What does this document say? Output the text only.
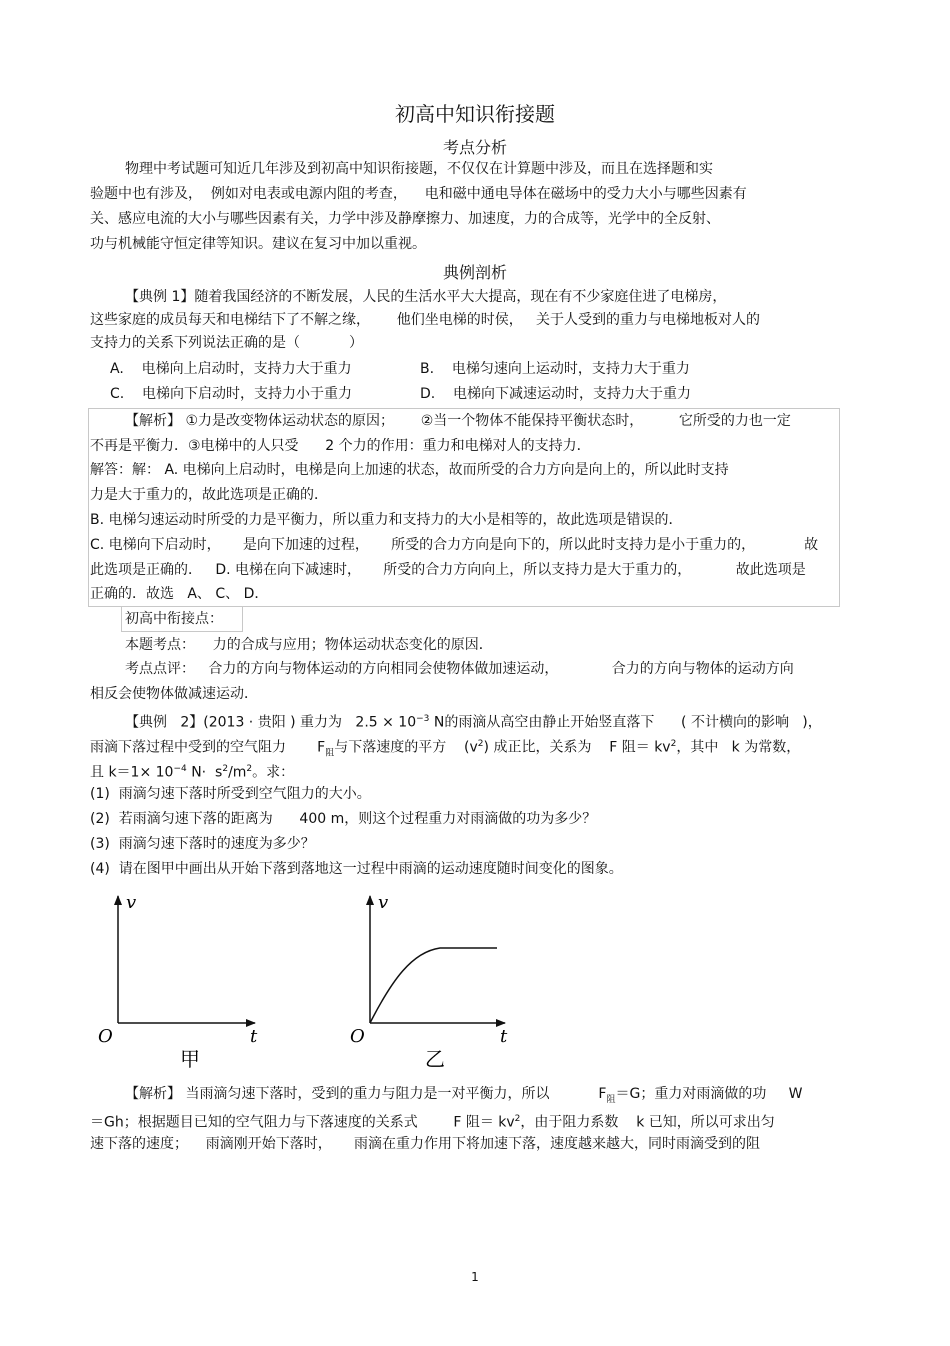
初高中知识衔接题
考点分析
物理中考试题可知近几年涉及到初高中知识衔接题，不仅仅在计算题中涉及，而且在选择题和实
验题中也有涉及，  例如对电表或电源内阻的考查，    电和磁中通电导体在磁场中的受力大小与哪些因素有
关、感应电流的大小与哪些因素有关，力学中涉及静摩擦力、加速度，力的合成等，光学中的全反射、
功与机械能守恒定律等知识。建议在复习中加以重视。
典例剖析
【典例 1】随着我国经济的不断发展，人民的生活水平大大提高，现在有不少家庭住进了电梯房，
这些家庭的成员每天和电梯结下了不解之缘，      他们坐电梯的时侯，   关于人受到的重力与电梯地板对人的
支持力的关系下列说法正确的是（           ）
A.    电梯向上启动时，支持力大于重力	B.    电梯匀速向上运动时，支持力大于重力
C.    电梯向下启动时，支持力小于重力	D.    电梯向下减速运动时，支持力大于重力
【解析】 ①力是改变物体运动状态的原因；      ②当一个物体不能保持平衡状态时，        它所受的力也一定
不再是平衡力．③电梯中的人只受      2 个力的作用：重力和电梯对人的支持力．
解答：解： A. 电梯向上启动时，电梯是向上加速的状态，故而所受的合力方向是向上的，所以此时支持
力是大于重力的，故此选项是正确的．
B. 电梯匀速运动时所受的力是平衡力，所以重力和支持力的大小是相等的，故此选项是错误的．
C. 电梯向下启动时，     是向下加速的过程，     所受的合力方向是向下的，所以此时支持力是小于重力的，           故
此选项是正确的．   D. 电梯在向下减速时，     所受的合力方向向上，所以支持力是大于重力的，          故此选项是
正确的．故选   A、 C、 D．
初高中衔接点：
本题考点：    力的合成与应用；物体运动状态变化的原因．
考点点评：   合力的方向与物体运动的方向相同会使物体做加速运动，            合力的方向与物体的运动方向
相反会使物体做减速运动．
【典例   2】(2013 · 贵阳 ) 重力为   $2.5 \times 10^{-3}$ N的雨滴从高空由静止开始竖直落下      ( 不计横向的影响   )，
雨滴下落过程中受到的空气阻力       $F_阻$与下落速度的平方    $(v^2)$ 成正比，关系为    F 阻＝ $kv^2$，其中   k 为常数，
且 $k=1\times 10^{-4}$ $N\cdot s^2/m^2$。求：
(1)  雨滴匀速下落时所受到空气阻力的大小。
(2)  若雨滴匀速下落的距离为      400 m，则这个过程重力对雨滴做的功为多少？
(3)  雨滴匀速下落时的速度为多少？
(4)  请在图甲中画出从开始下落到落地这一过程中雨滴的运动速度随时间变化的图象。
v
t
O
甲
v
t
O
乙
【解析】 当雨滴匀速下落时，受到的重力与阻力是一对平衡力，所以           $F_阻=G$；重力对雨滴做的功     W
＝Gh；根据题目已知的空气阻力与下落速度的关系式        F 阻＝ $kv^2$，由于阻力系数    k 已知，所以可求出匀
速下落的速度；    雨滴刚开始下落时，     雨滴在重力作用下将加速下落，速度越来越大，同时雨滴受到的阻
1
